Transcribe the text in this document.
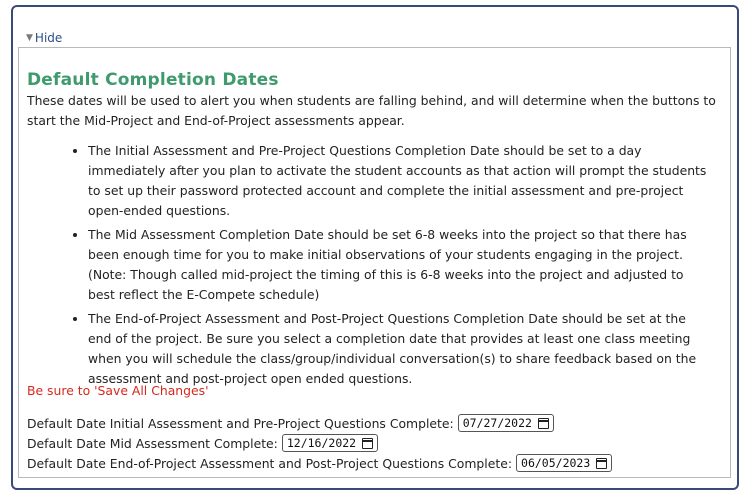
▼ Hide
Default Completion Dates

These dates will be used to alert you when students are falling behind, and will determine when the buttons to start the Mid-Project and End-of-Project assessments appear.

• The Initial Assessment and Pre-Project Questions Completion Date should be set to a day immediately after you plan to activate the student accounts as that action will prompt the students to set up their password protected account and complete the initial assessment and pre-project open-ended questions.
• The Mid Assessment Completion Date should be set 6-8 weeks into the project so that there has been enough time for you to make initial observations of your students engaging in the project. (Note: Though called mid-project the timing of this is 6-8 weeks into the project and adjusted to best reflect the E-Compete schedule)
• The End-of-Project Assessment and Post-Project Questions Completion Date should be set at the end of the project. Be sure you select a completion date that provides at least one class meeting when you will schedule the class/group/individual conversation(s) to share feedback based on the assessment and post-project open ended questions.
Be sure to 'Save All Changes'
Default Date Initial Assessment and Pre-Project Questions Complete: 07/27/2022
Default Date Mid Assessment Complete: 12/16/2022
Default Date End-of-Project Assessment and Post-Project Questions Complete: 06/05/2023
